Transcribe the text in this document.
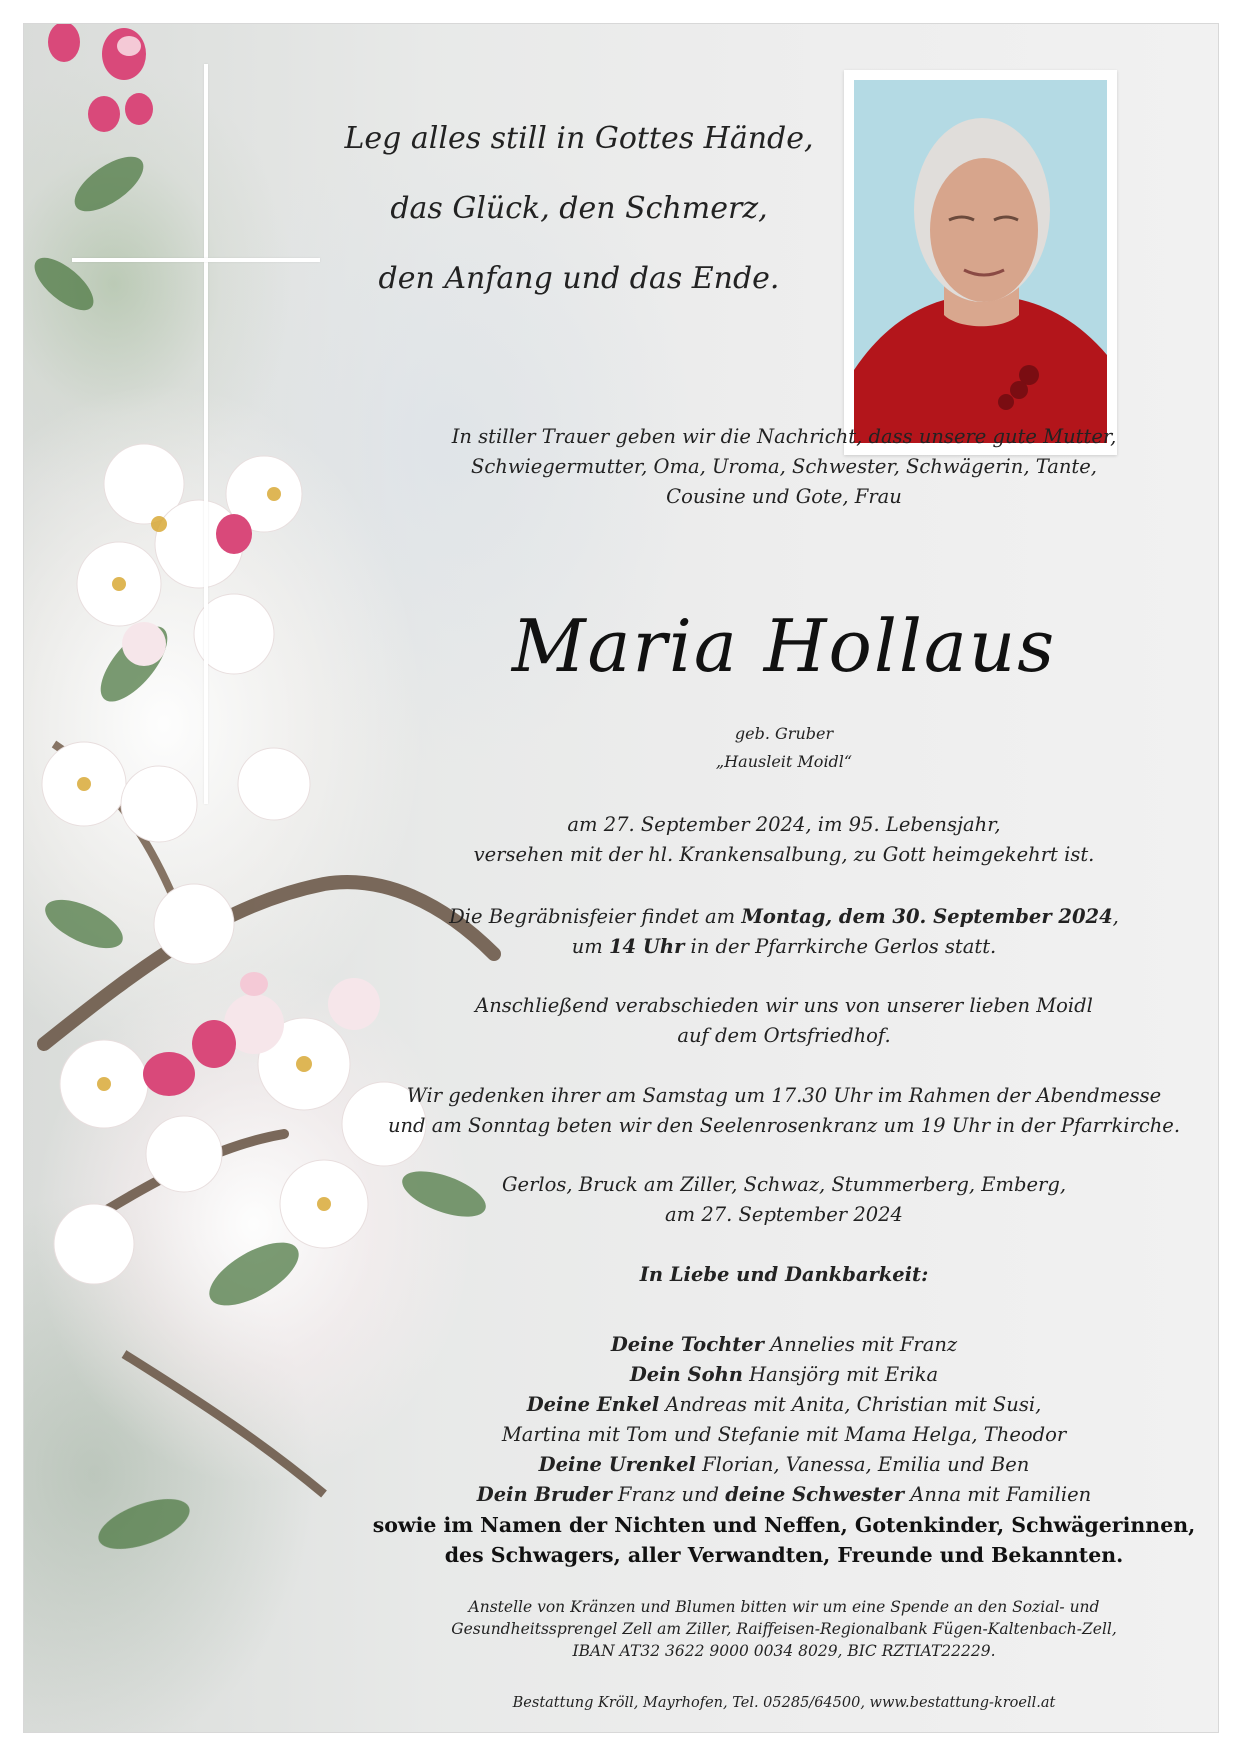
Leg alles still in Gottes Hände,
das Glück, den Schmerz,
den Anfang und das Ende.
In stiller Trauer geben wir die Nachricht, dass unsere gute Mutter,
Schwiegermutter, Oma, Uroma, Schwester, Schwägerin, Tante,
Cousine und Gote, Frau
Maria Hollaus
geb. Gruber
„Hausleit Moidl“
am 27. September 2024, im 95. Lebensjahr,
versehen mit der hl. Krankensalbung, zu Gott heimgekehrt ist.
Die Begräbnisfeier findet am Montag, dem 30. September 2024,
um 14 Uhr in der Pfarrkirche Gerlos statt.
Anschließend verabschieden wir uns von unserer lieben Moidl
auf dem Ortsfriedhof.
Wir gedenken ihrer am Samstag um 17.30 Uhr im Rahmen der Abendmesse
und am Sonntag beten wir den Seelenrosenkranz um 19 Uhr in der Pfarrkirche.
Gerlos, Bruck am Ziller, Schwaz, Stummerberg, Emberg,
am 27. September 2024
In Liebe und Dankbarkeit:
Deine Tochter Annelies mit Franz
Dein Sohn Hansjörg mit Erika
Deine Enkel Andreas mit Anita, Christian mit Susi,
Martina mit Tom und Stefanie mit Mama Helga, Theodor
Deine Urenkel Florian, Vanessa, Emilia und Ben
Dein Bruder Franz und deine Schwester Anna mit Familien
sowie im Namen der Nichten und Neffen, Gotenkinder, Schwägerinnen,
des Schwagers, aller Verwandten, Freunde und Bekannten.
Anstelle von Kränzen und Blumen bitten wir um eine Spende an den Sozial- und
Gesundheitssprengel Zell am Ziller, Raiffeisen-Regionalbank Fügen-Kaltenbach-Zell,
IBAN AT32 3622 9000 0034 8029, BIC RZTIAT22229.
Bestattung Kröll, Mayrhofen, Tel. 05285/64500, www.bestattung-kroell.at
